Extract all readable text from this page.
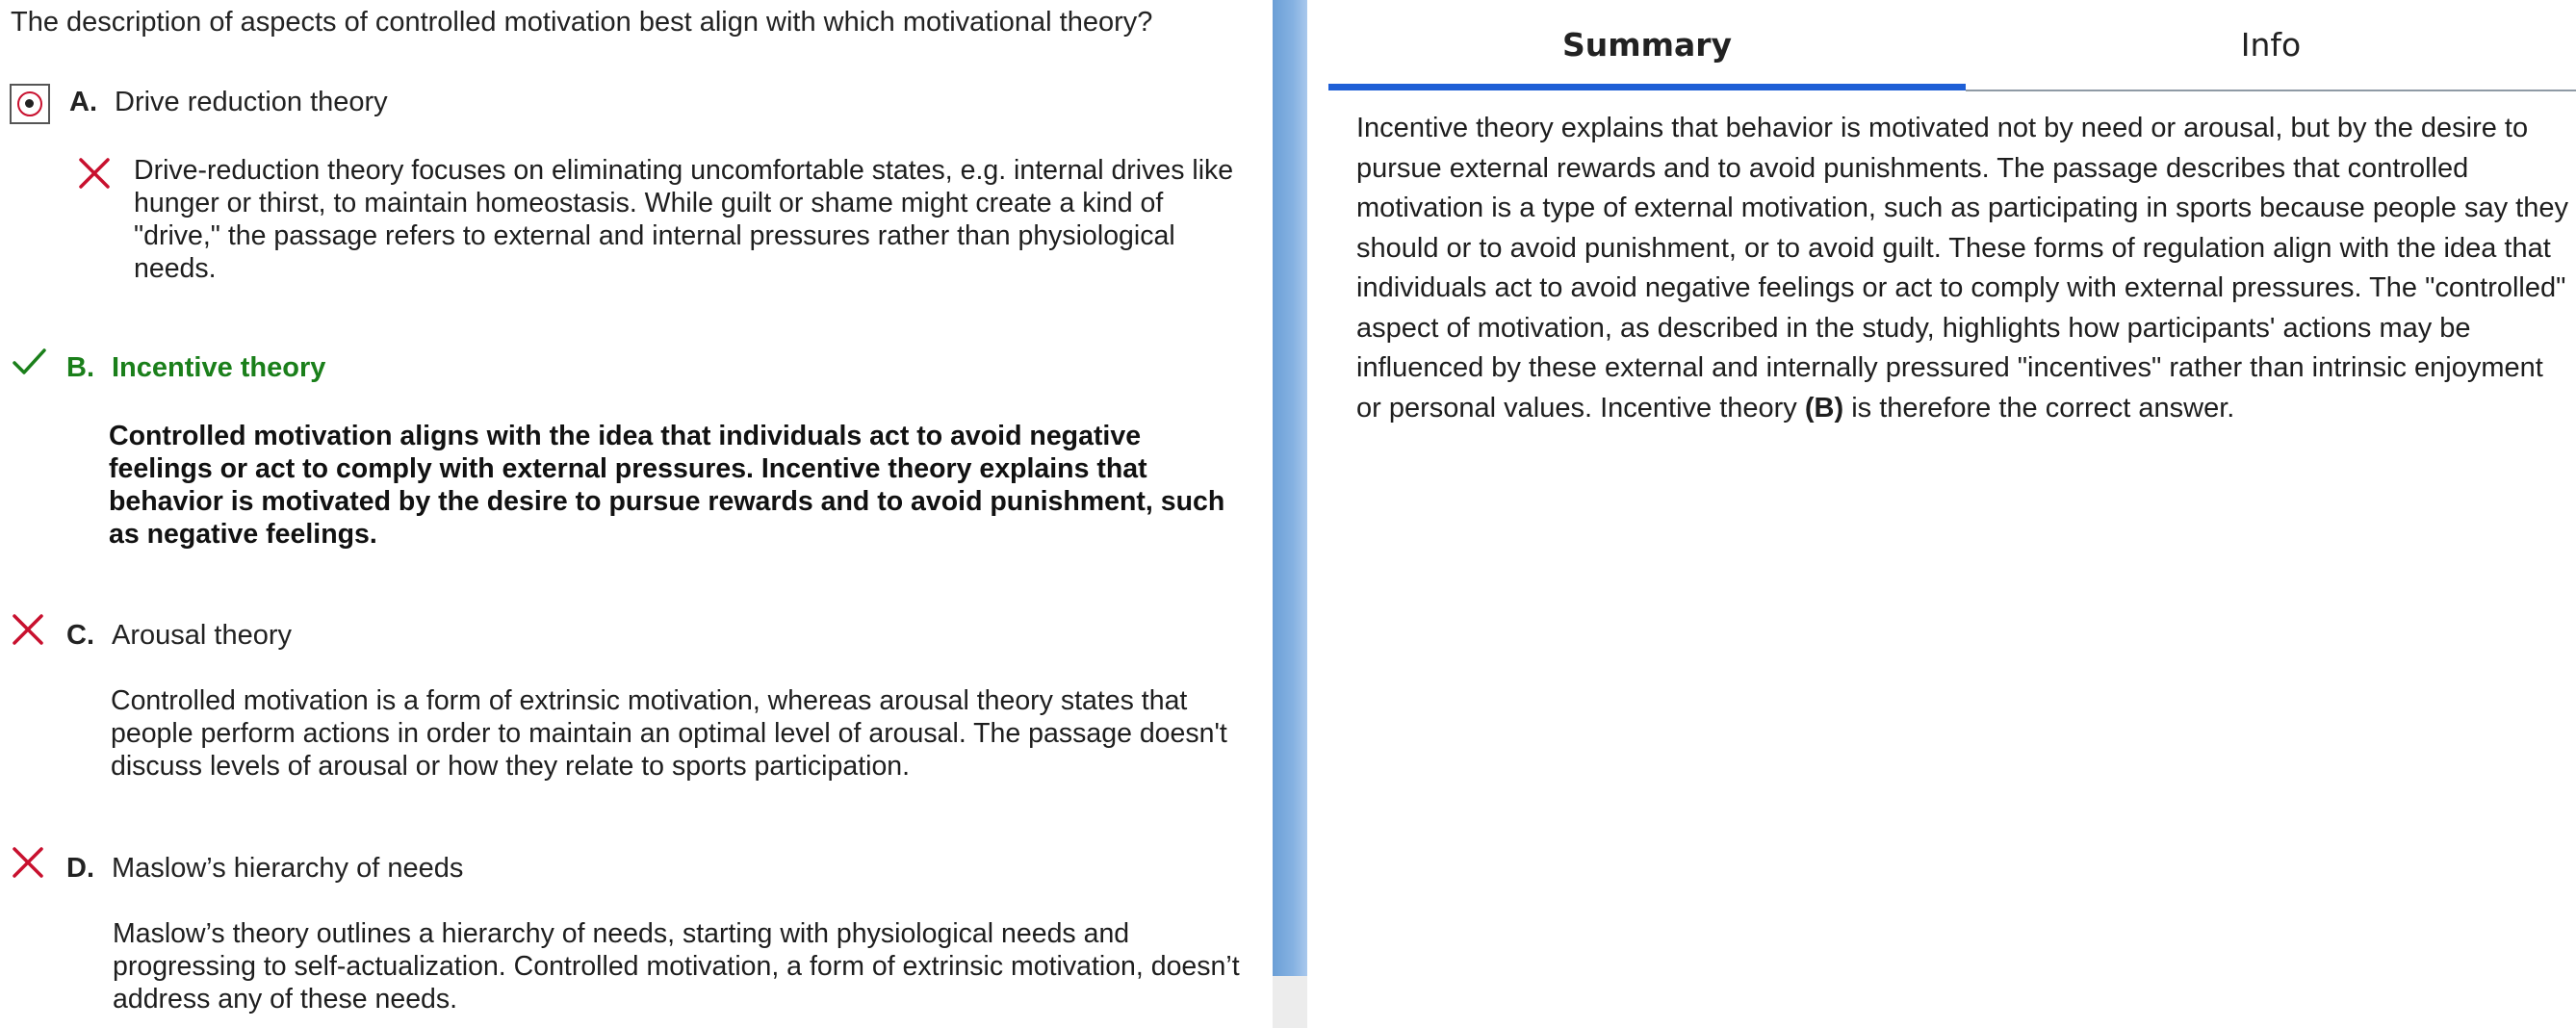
The description of aspects of controlled motivation best align with which motivational theory?
A. Drive reduction theory
Drive-reduction theory focuses on eliminating uncomfortable states, e.g. internal drives like hunger or thirst, to maintain homeostasis. While guilt or shame might create a kind of "drive," the passage refers to external and internal pressures rather than physiological needs.
B. Incentive theory
Controlled motivation aligns with the idea that individuals act to avoid negative feelings or act to comply with external pressures. Incentive theory explains that behavior is motivated by the desire to pursue rewards and to avoid punishment, such as negative feelings.
C. Arousal theory
Controlled motivation is a form of extrinsic motivation, whereas arousal theory states that people perform actions in order to maintain an optimal level of arousal. The passage doesn't discuss levels of arousal or how they relate to sports participation.
D. Maslow’s hierarchy of needs
Maslow’s theory outlines a hierarchy of needs, starting with physiological needs and progressing to self-actualization. Controlled motivation, a form of extrinsic motivation, doesn’t address any of these needs.
Summary	Info
Incentive theory explains that behavior is motivated not by need or arousal, but by the desire to pursue external rewards and to avoid punishments. The passage describes that controlled motivation is a type of external motivation, such as participating in sports because people say they should or to avoid punishment, or to avoid guilt. These forms of regulation align with the idea that individuals act to avoid negative feelings or act to comply with external pressures. The "controlled" aspect of motivation, as described in the study, highlights how participants' actions may be influenced by these external and internally pressured "incentives" rather than intrinsic enjoyment or personal values. Incentive theory (B) is therefore the correct answer.
